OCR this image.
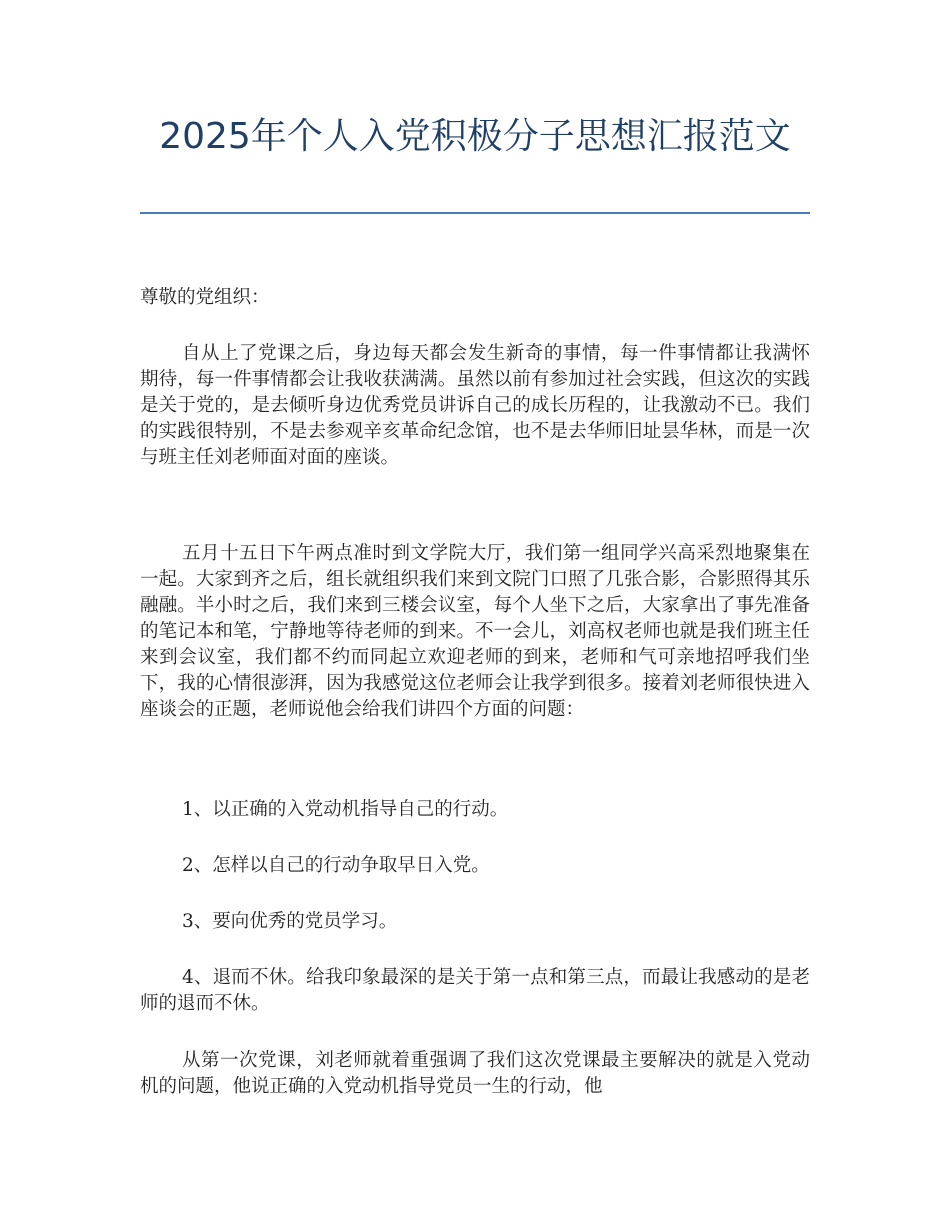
2025年个人入党积极分子思想汇报范文

尊敬的党组织：

自从上了党课之后，身边每天都会发生新奇的事情，每一件事情都让我满怀期待，每一件事情都会让我收获满满。虽然以前有参加过社会实践，但这次的实践是关于党的，是去倾听身边优秀党员讲诉自己的成长历程的，让我激动不已。我们的实践很特别，不是去参观辛亥革命纪念馆，也不是去华师旧址昙华林，而是一次与班主任刘老师面对面的座谈。

五月十五日下午两点准时到文学院大厅，我们第一组同学兴高采烈地聚集在一起。大家到齐之后，组长就组织我们来到文院门口照了几张合影，合影照得其乐融融。半小时之后，我们来到三楼会议室，每个人坐下之后，大家拿出了事先准备的笔记本和笔，宁静地等待老师的到来。不一会儿，刘高权老师也就是我们班主任来到会议室，我们都不约而同起立欢迎老师的到来，老师和气可亲地招呼我们坐下，我的心情很澎湃，因为我感觉这位老师会让我学到很多。接着刘老师很快进入座谈会的正题，老师说他会给我们讲四个方面的问题：

1、以正确的入党动机指导自己的行动。

2、怎样以自己的行动争取早日入党。

3、要向优秀的党员学习。

4、退而不休。给我印象最深的是关于第一点和第三点，而最让我感动的是老师的退而不休。

从第一次党课，刘老师就着重强调了我们这次党课最主要解决的就是入党动机的问题，他说正确的入党动机指导党员一生的行动，他
